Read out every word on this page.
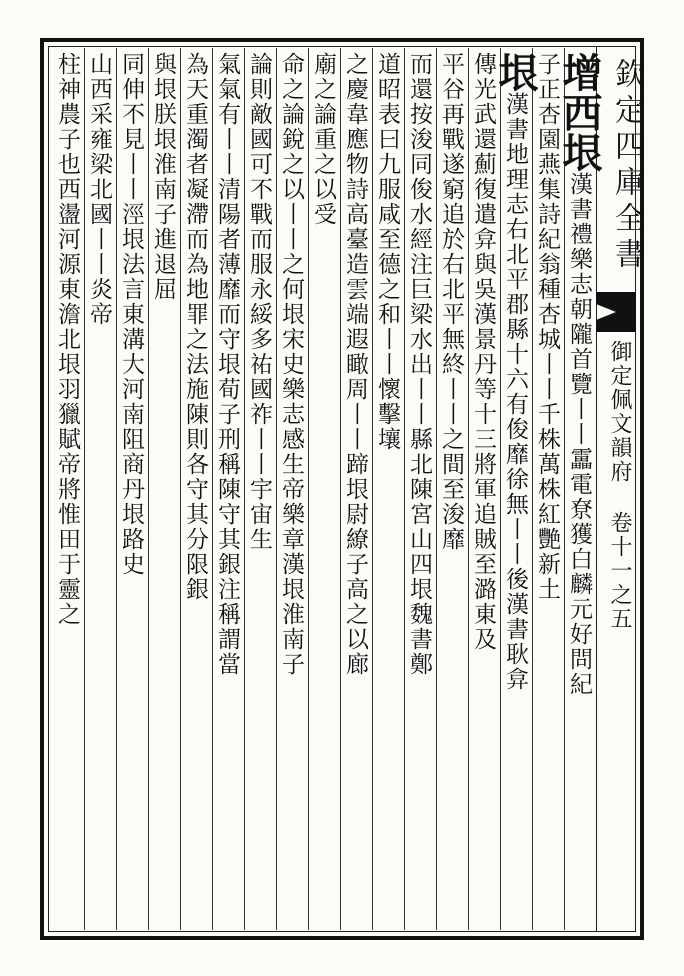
欽定四庫全書
御定佩文韻府 卷十一之五
增西垠漢書禮樂志朝隴首覽丨丨靁電尞獲白麟元好問紀
子正杏園燕集詩紀翁種杏城丨丨千株萬株紅艷新土
垠漢書地理志右北平郡縣十六有俊靡徐無丨丨後漢書耿弇
傳光武還薊復遣弇與吳漢景丹等十三將軍追賊至潞東及
平谷再戰遂窮追於右北平無終丨丨之間至浚靡
而還按浚同俊水經注巨梁水出丨丨縣北陳宮山四垠魏書鄭
道昭表曰九服咸至德之和丨丨懷擊壤
之慶韋應物詩高臺造雲端遐瞰周丨丨蹄垠尉繚子高之以廊
廟之論重之以受
命之論銳之以丨丨之何垠宋史樂志感生帝樂章漢垠淮南子
論則敵國可不戰而服永綏多祐國祚丨丨宇宙生
氣氣有丨丨清陽者薄靡而守垠荀子刑稱陳守其銀注稱謂當
為天重濁者凝滯而為地罪之法施陳則各守其分限銀
與垠朕垠淮南子進退屈
同伸不見丨丨涇垠法言東溝大河南阻商丹垠路史
山西采雍梁北國丨丨炎帝
柱神農子也西盪河源東澹北垠羽獵賦帝將惟田于靈之
